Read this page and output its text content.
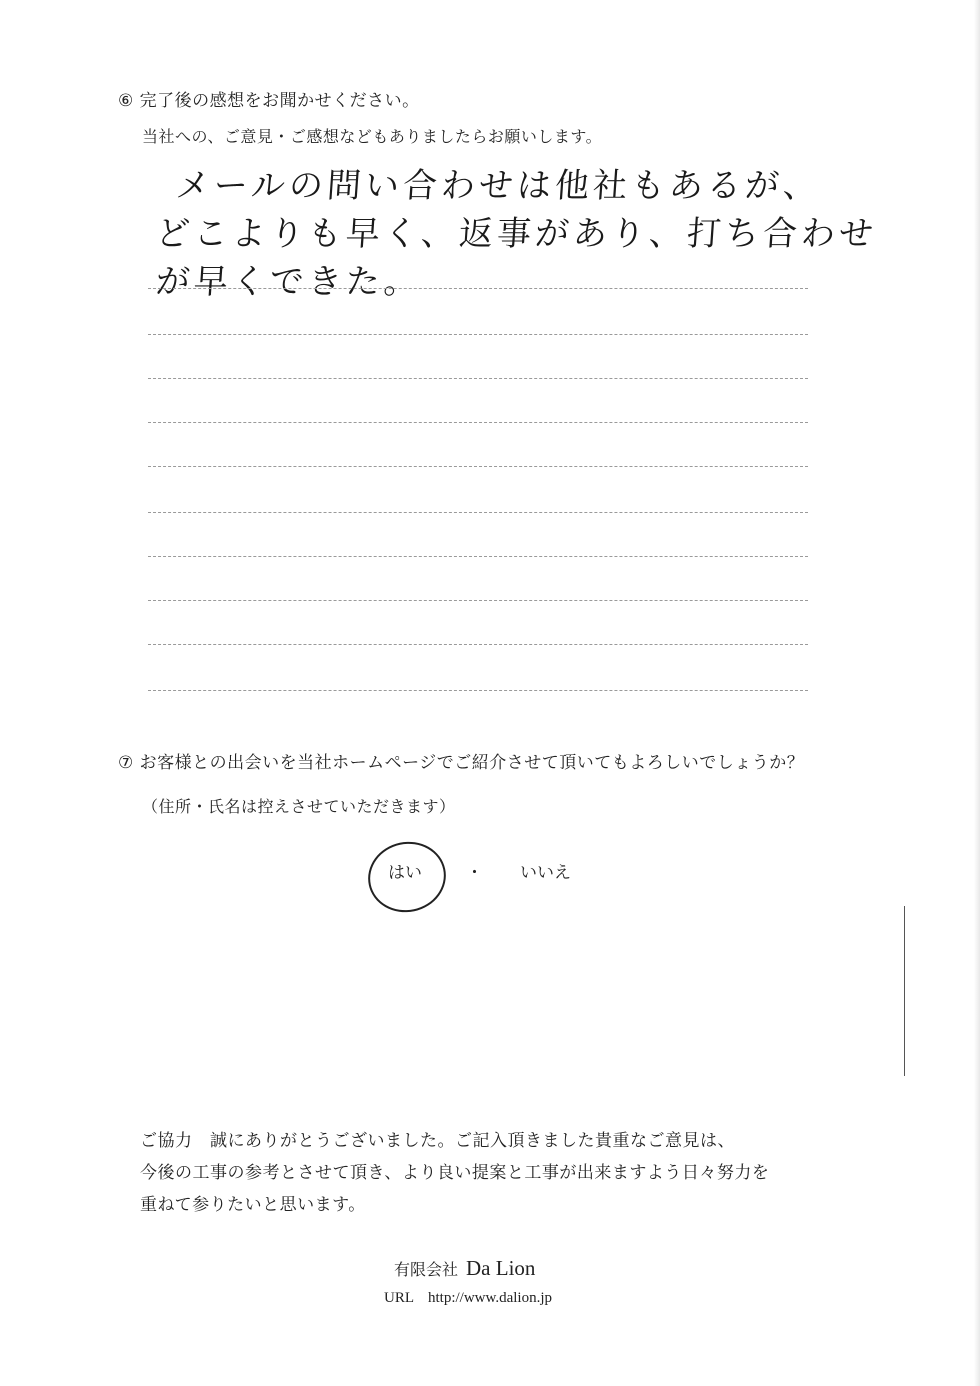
⑥ 完了後の感想をお聞かせください。
当社への、ご意見・ご感想などもありましたらお願いします。
メールの問い合わせは他社もあるが、
どこよりも早く、返事があり、打ち合わせ
が早くできた。
⑦ お客様との出会いを当社ホームページでご紹介させて頂いてもよろしいでしょうか？
（住所・氏名は控えさせていただきます）
はい	・ いいえ
ご協力　誠にありがとうございました。ご記入頂きました貴重なご意見は、
今後の工事の参考とさせて頂き、より良い提案と工事が出来ますよう日々努力を
重ねて参りたいと思います。
有限会社 Da Lion
URL http://www.dalion.jp
